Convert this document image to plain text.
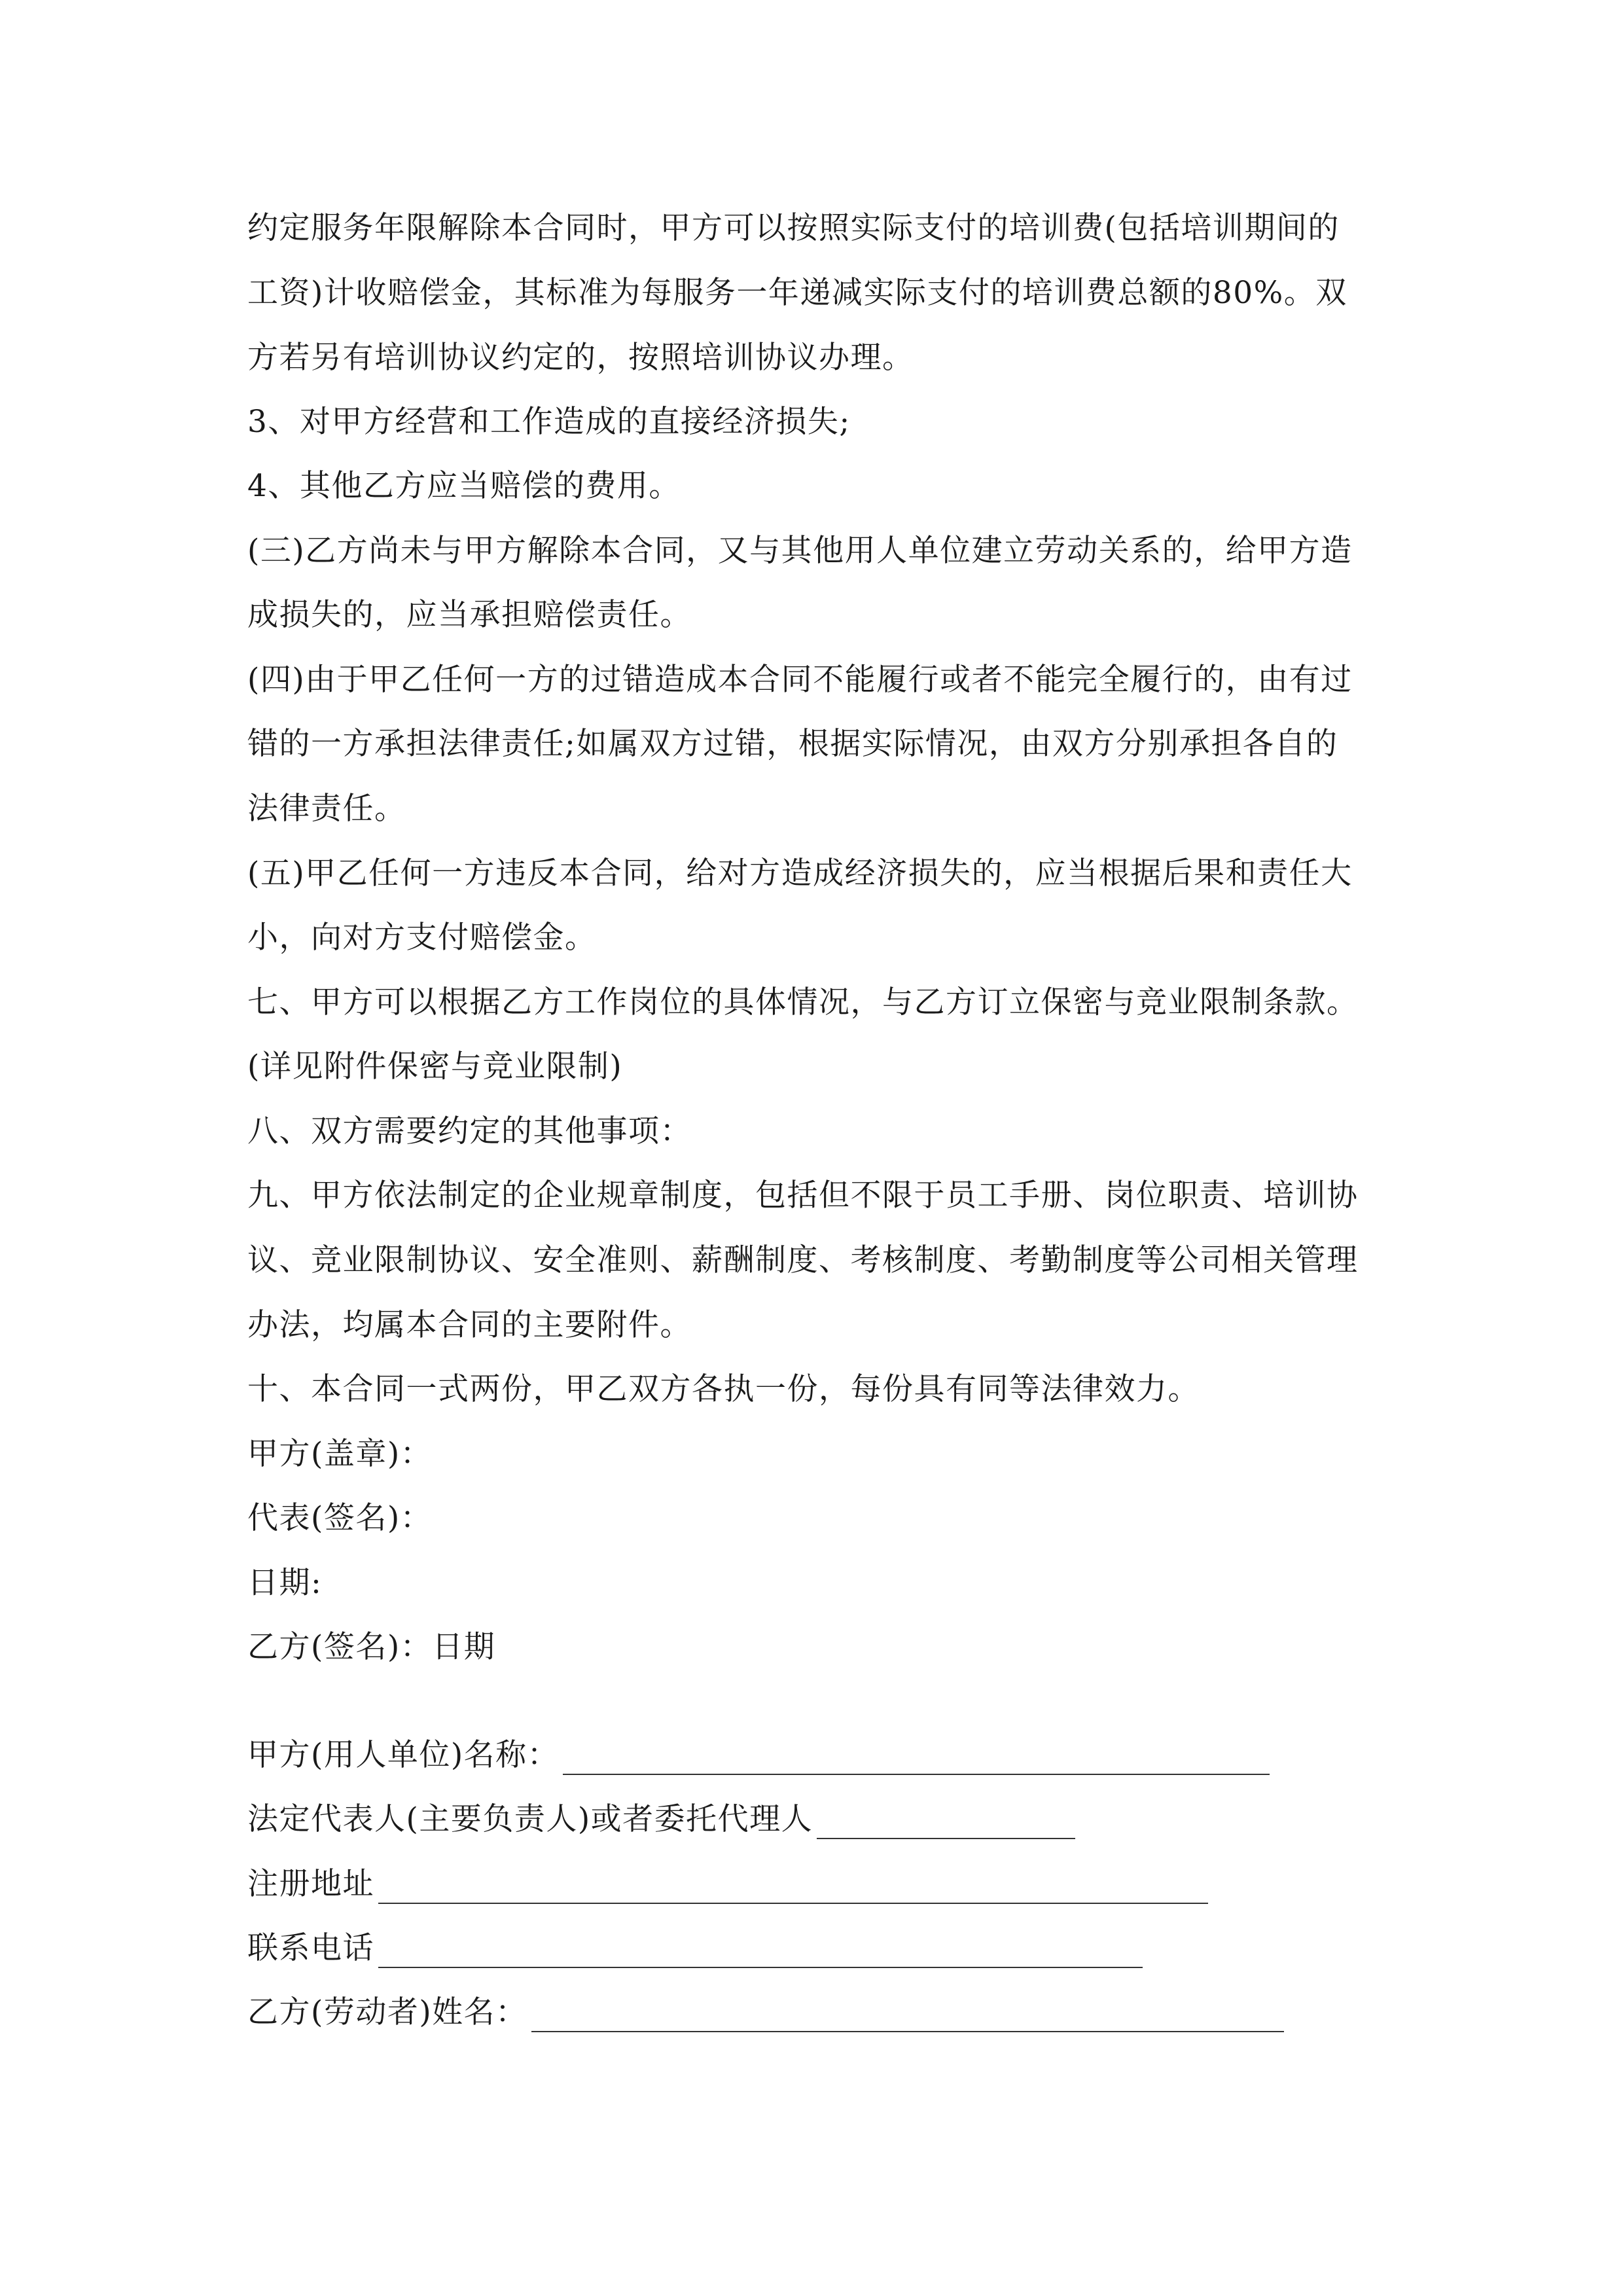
约定服务年限解除本合同时，甲方可以按照实际支付的培训费(包括培训期间的
工资)计收赔偿金，其标准为每服务一年递减实际支付的培训费总额的80%。双
方若另有培训协议约定的，按照培训协议办理。
3、对甲方经营和工作造成的直接经济损失;
4、其他乙方应当赔偿的费用。
(三)乙方尚未与甲方解除本合同，又与其他用人单位建立劳动关系的，给甲方造
成损失的，应当承担赔偿责任。
(四)由于甲乙任何一方的过错造成本合同不能履行或者不能完全履行的，由有过
错的一方承担法律责任;如属双方过错，根据实际情况，由双方分别承担各自的
法律责任。
(五)甲乙任何一方违反本合同，给对方造成经济损失的，应当根据后果和责任大
小，向对方支付赔偿金。
七、甲方可以根据乙方工作岗位的具体情况，与乙方订立保密与竞业限制条款。
(详见附件保密与竞业限制)
八、双方需要约定的其他事项：
九、甲方依法制定的企业规章制度，包括但不限于员工手册、岗位职责、培训协
议、竞业限制协议、安全准则、薪酬制度、考核制度、考勤制度等公司相关管理
办法，均属本合同的主要附件。
十、本合同一式两份，甲乙双方各执一份，每份具有同等法律效力。
甲方(盖章)：
代表(签名)：
日期:
乙方(签名)：日期
甲方(用人单位)名称：
法定代表人(主要负责人)或者委托代理人
注册地址
联系电话
乙方(劳动者)姓名：
